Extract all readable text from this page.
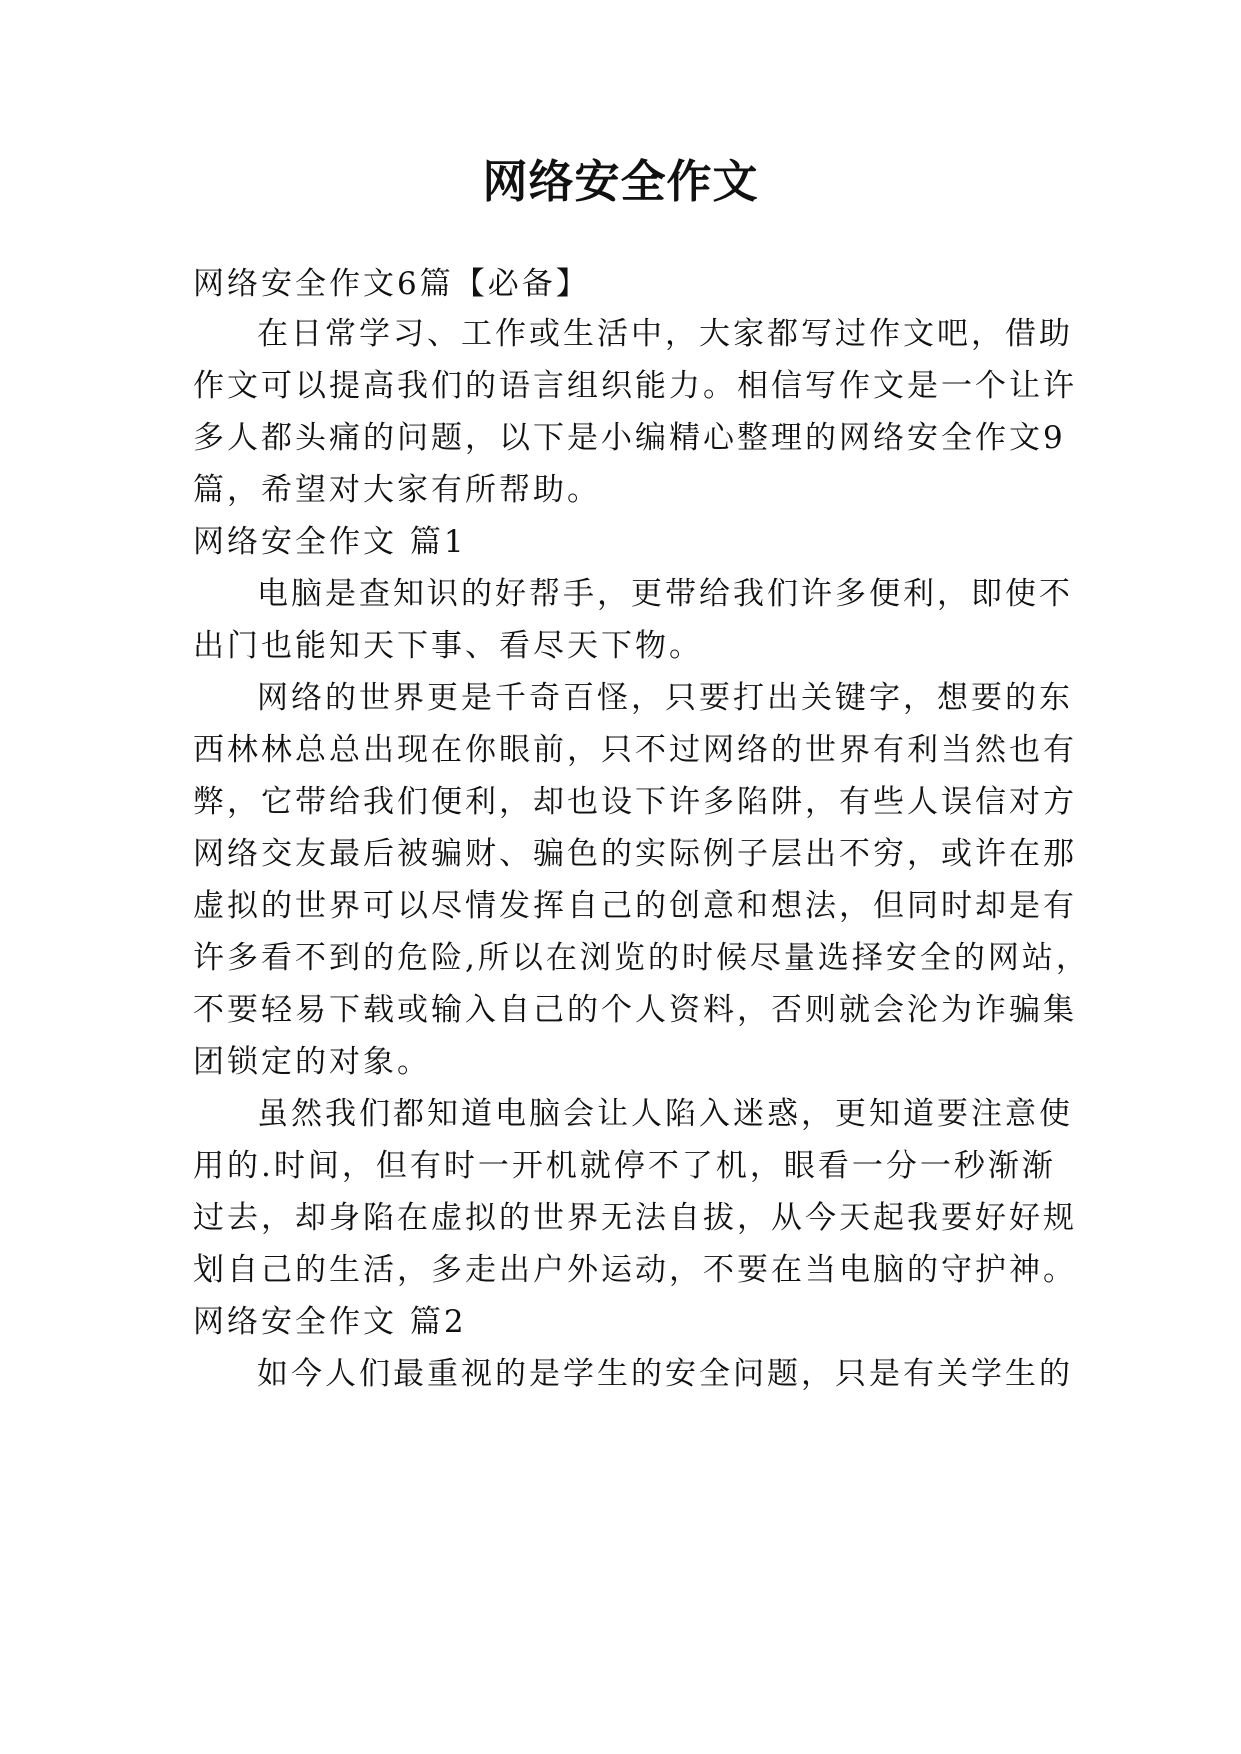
网络安全作文
网络安全作文6篇【必备】
在日常学习、工作或生活中，大家都写过作文吧，借助
作文可以提高我们的语言组织能力。相信写作文是一个让许
多人都头痛的问题，以下是小编精心整理的网络安全作文9
篇，希望对大家有所帮助。
网络安全作文 篇1
电脑是查知识的好帮手，更带给我们许多便利，即使不
出门也能知天下事、看尽天下物。
网络的世界更是千奇百怪，只要打出关键字，想要的东
西林林总总出现在你眼前，只不过网络的世界有利当然也有
弊，它带给我们便利，却也设下许多陷阱，有些人误信对方
网络交友最后被骗财、骗色的实际例子层出不穷，或许在那
虚拟的世界可以尽情发挥自己的创意和想法，但同时却是有
许多看不到的危险,所以在浏览的时候尽量选择安全的网站，
不要轻易下载或输入自己的个人资料，否则就会沦为诈骗集
团锁定的对象。
虽然我们都知道电脑会让人陷入迷惑，更知道要注意使
用的.时间，但有时一开机就停不了机，眼看一分一秒渐渐
过去，却身陷在虚拟的世界无法自拔，从今天起我要好好规
划自己的生活，多走出户外运动，不要在当电脑的守护神。
网络安全作文 篇2
如今人们最重视的是学生的安全问题，只是有关学生的
